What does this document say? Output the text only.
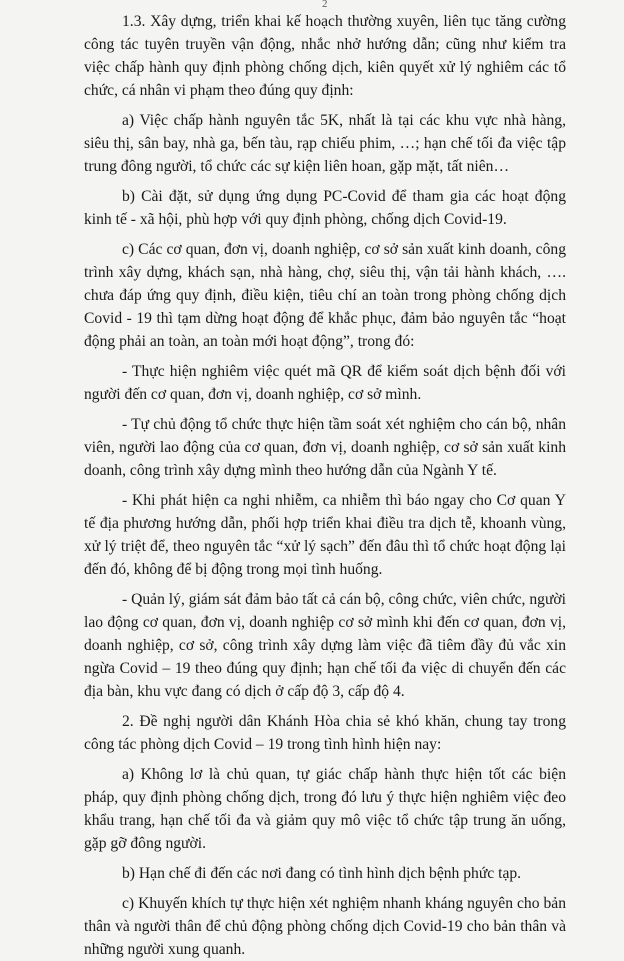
2

1.3. Xây dựng, triển khai kế hoạch thường xuyên, liên tục tăng cường công tác tuyên truyền vận động, nhắc nhở hướng dẫn; cũng như kiểm tra việc chấp hành quy định phòng chống dịch, kiên quyết xử lý nghiêm các tổ chức, cá nhân vi phạm theo đúng quy định:

a) Việc chấp hành nguyên tắc 5K, nhất là tại các khu vực nhà hàng, siêu thị, sân bay, nhà ga, bến tàu, rạp chiếu phim, …; hạn chế tối đa việc tập trung đông người, tổ chức các sự kiện liên hoan, gặp mặt, tất niên…

b) Cài đặt, sử dụng ứng dụng PC-Covid để tham gia các hoạt động kinh tế - xã hội, phù hợp với quy định phòng, chống dịch Covid-19.

c) Các cơ quan, đơn vị, doanh nghiệp, cơ sở sản xuất kinh doanh, công trình xây dựng, khách sạn, nhà hàng, chợ, siêu thị, vận tải hành khách, …. chưa đáp ứng quy định, điều kiện, tiêu chí an toàn trong phòng chống dịch Covid - 19 thì tạm dừng hoạt động để khắc phục, đảm bảo nguyên tắc “hoạt động phải an toàn, an toàn mới hoạt động”, trong đó:

- Thực hiện nghiêm việc quét mã QR để kiểm soát dịch bệnh đối với người đến cơ quan, đơn vị, doanh nghiệp, cơ sở mình.

- Tự chủ động tổ chức thực hiện tầm soát xét nghiệm cho cán bộ, nhân viên, người lao động của cơ quan, đơn vị, doanh nghiệp, cơ sở sản xuất kinh doanh, công trình xây dựng mình theo hướng dẫn của Ngành Y tế.

- Khi phát hiện ca nghi nhiễm, ca nhiễm thì báo ngay cho Cơ quan Y tế địa phương hướng dẫn, phối hợp triển khai điều tra dịch tễ, khoanh vùng, xử lý triệt để, theo nguyên tắc “xử lý sạch” đến đâu thì tổ chức hoạt động lại đến đó, không để bị động trong mọi tình huống.

- Quản lý, giám sát đảm bảo tất cả cán bộ, công chức, viên chức, người lao động cơ quan, đơn vị, doanh nghiệp cơ sở mình khi đến cơ quan, đơn vị, doanh nghiệp, cơ sở, công trình xây dựng làm việc đã tiêm đầy đủ vắc xin ngừa Covid – 19 theo đúng quy định; hạn chế tối đa việc di chuyển đến các địa bàn, khu vực đang có dịch ở cấp độ 3, cấp độ 4.

2. Đề nghị người dân Khánh Hòa chia sẻ khó khăn, chung tay trong công tác phòng dịch Covid – 19 trong tình hình hiện nay:

a) Không lơ là chủ quan, tự giác chấp hành thực hiện tốt các biện pháp, quy định phòng chống dịch, trong đó lưu ý thực hiện nghiêm việc đeo khẩu trang, hạn chế tối đa và giảm quy mô việc tổ chức tập trung ăn uống, gặp gỡ đông người.

b) Hạn chế đi đến các nơi đang có tình hình dịch bệnh phức tạp.

c) Khuyến khích tự thực hiện xét nghiệm nhanh kháng nguyên cho bản thân và người thân để chủ động phòng chống dịch Covid-19 cho bản thân và những người xung quanh.
